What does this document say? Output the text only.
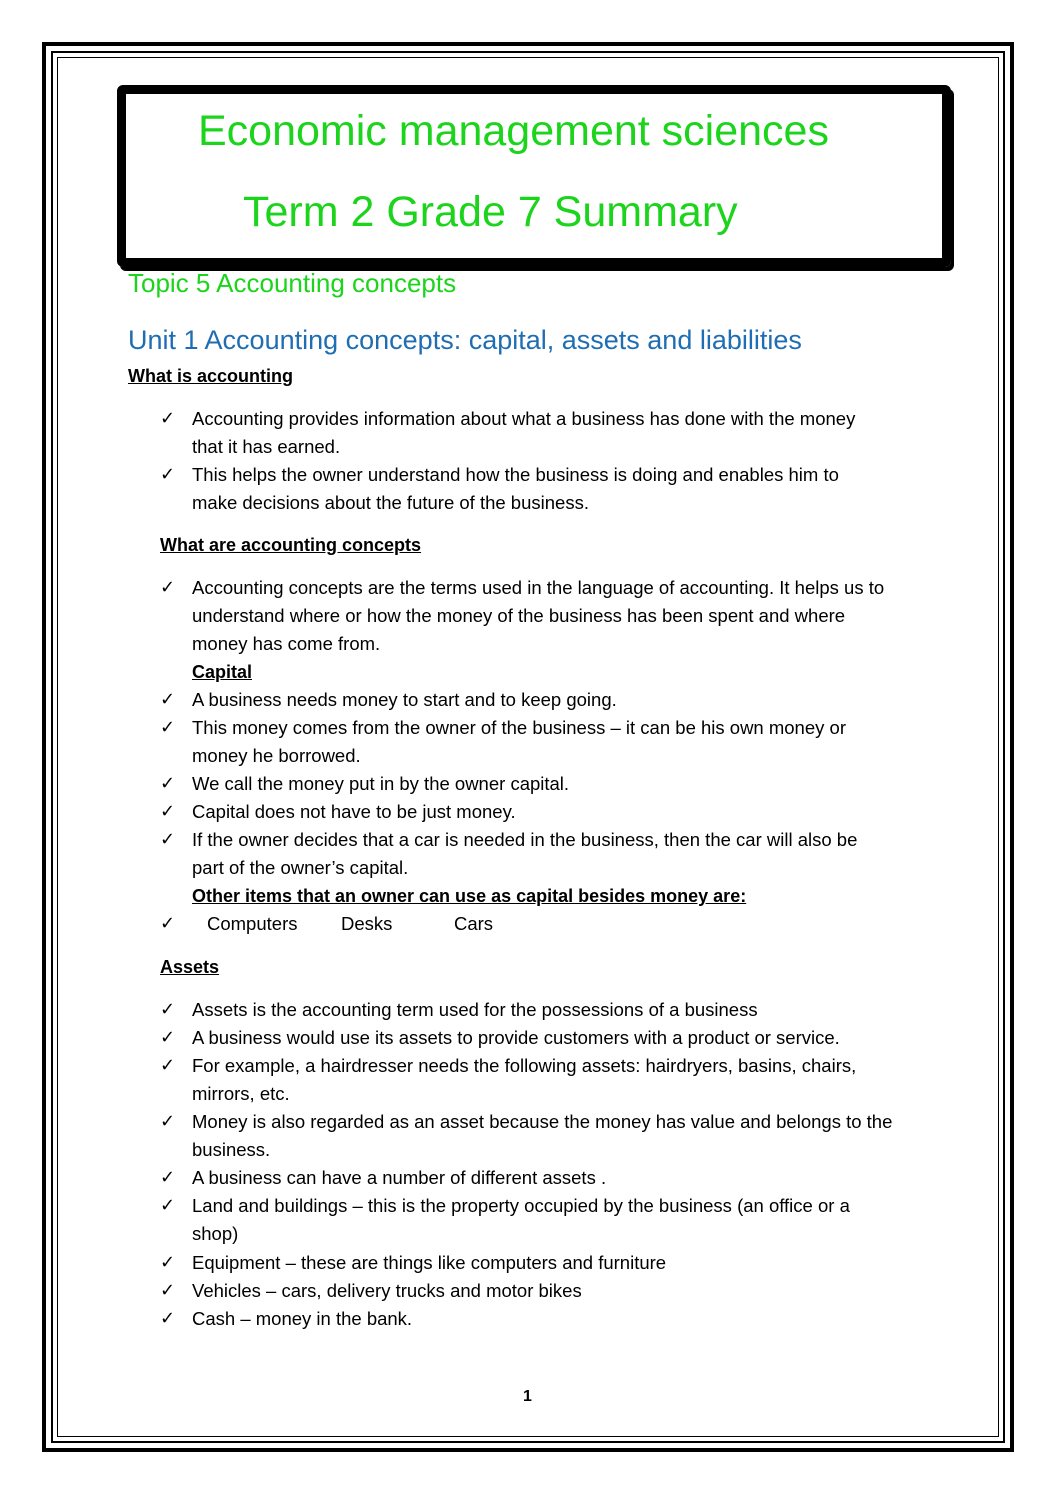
Economic management sciences
Term 2 Grade 7 Summary
Topic 5 Accounting concepts
Unit 1 Accounting concepts: capital, assets and liabilities
What is accounting
✓ Accounting provides information about what a business has done with the money
that it has earned.
✓ This helps the owner understand how the business is doing and enables him to
make decisions about the future of the business.
What are accounting concepts
✓ Accounting concepts are the terms used in the language of accounting. It helps us to
understand where or how the money of the business has been spent and where
money has come from.
Capital
✓ A business needs money to start and to keep going.
✓ This money comes from the owner of the business – it can be his own money or
money he borrowed.
✓ We call the money put in by the owner capital.
✓ Capital does not have to be just money.
✓ If the owner decides that a car is needed in the business, then the car will also be
part of the owner’s capital.
Other items that an owner can use as capital besides money are:
✓ Computers Desks	Cars
Assets
✓ Assets is the accounting term used for the possessions of a business
✓ A business would use its assets to provide customers with a product or service.
✓ For example, a hairdresser needs the following assets: hairdryers, basins, chairs,
mirrors, etc.
✓ Money is also regarded as an asset because the money has value and belongs to the
business.
✓ A business can have a number of different assets .
✓ Land and buildings – this is the property occupied by the business (an office or a
shop)
✓ Equipment – these are things like computers and furniture
✓ Vehicles – cars, delivery trucks and motor bikes
✓ Cash – money in the bank.
1
